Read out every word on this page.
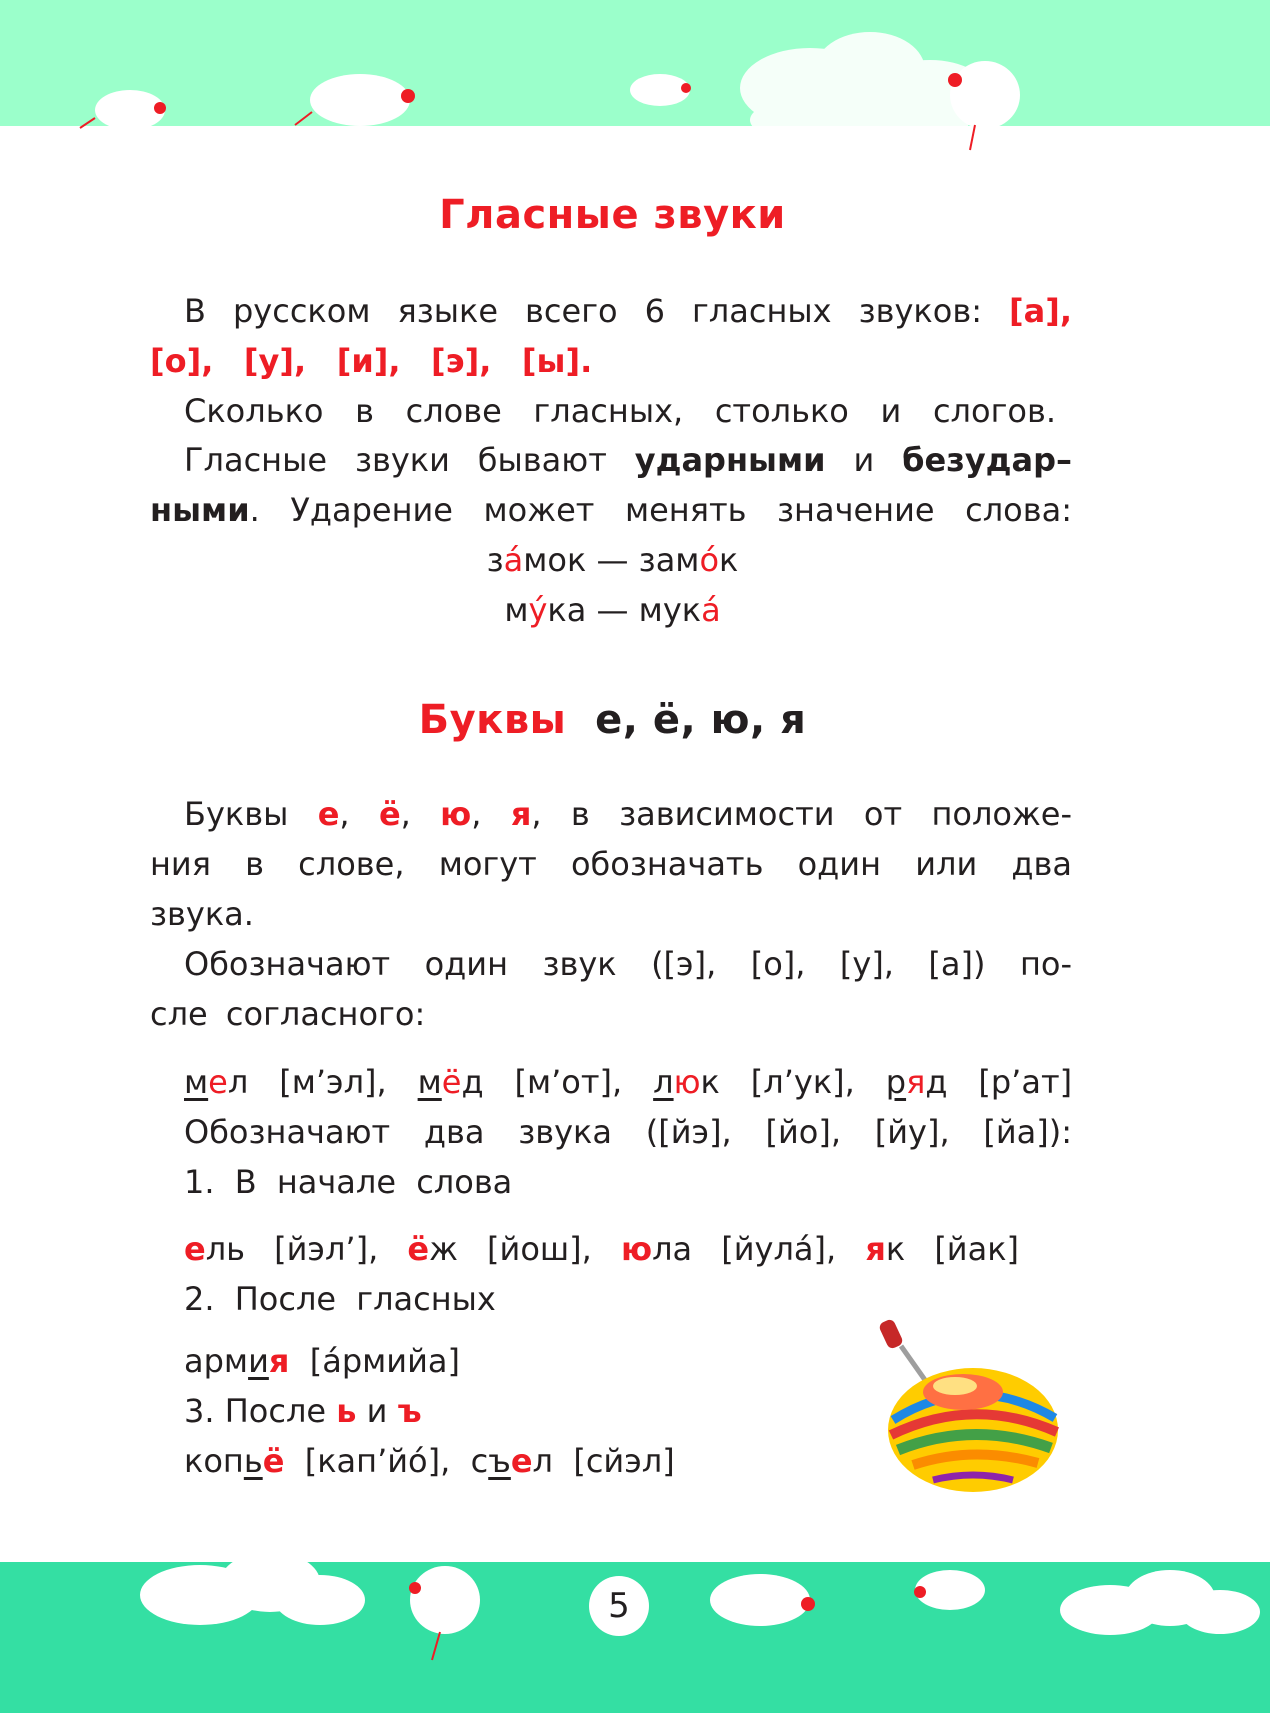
5
Гласные звуки
В русском языке всего 6 гласных звуков: [а],
[о], [у], [и], [э], [ы].
Сколько в слове гласных, столько и слогов.
Гласные звуки бывают ударными и безудар–
ными. Ударение может менять значение слова:
за́мок — замо́к
му́ка — мука́
Буквы е, ё, ю, я
Буквы е, ё, ю, я, в зависимости от положе-
ния в слове, могут обозначать один или два
звука.
Обозначают один звук ([э], [о], [у], [а]) по-
сле согласного:
мел [м’эл], мёд [м’от], люк [л’ук], ряд [р’ат]
Обозначают два звука ([йэ], [йо], [йу], [йа]):
1. В начале слова
ель [йэл’], ёж [йош], юла [йулá], як [йак]
2. После гласных
армия  [áрмийа]
3. После ь и ъ
копьё  [кап’йó], съел  [сйэл]
